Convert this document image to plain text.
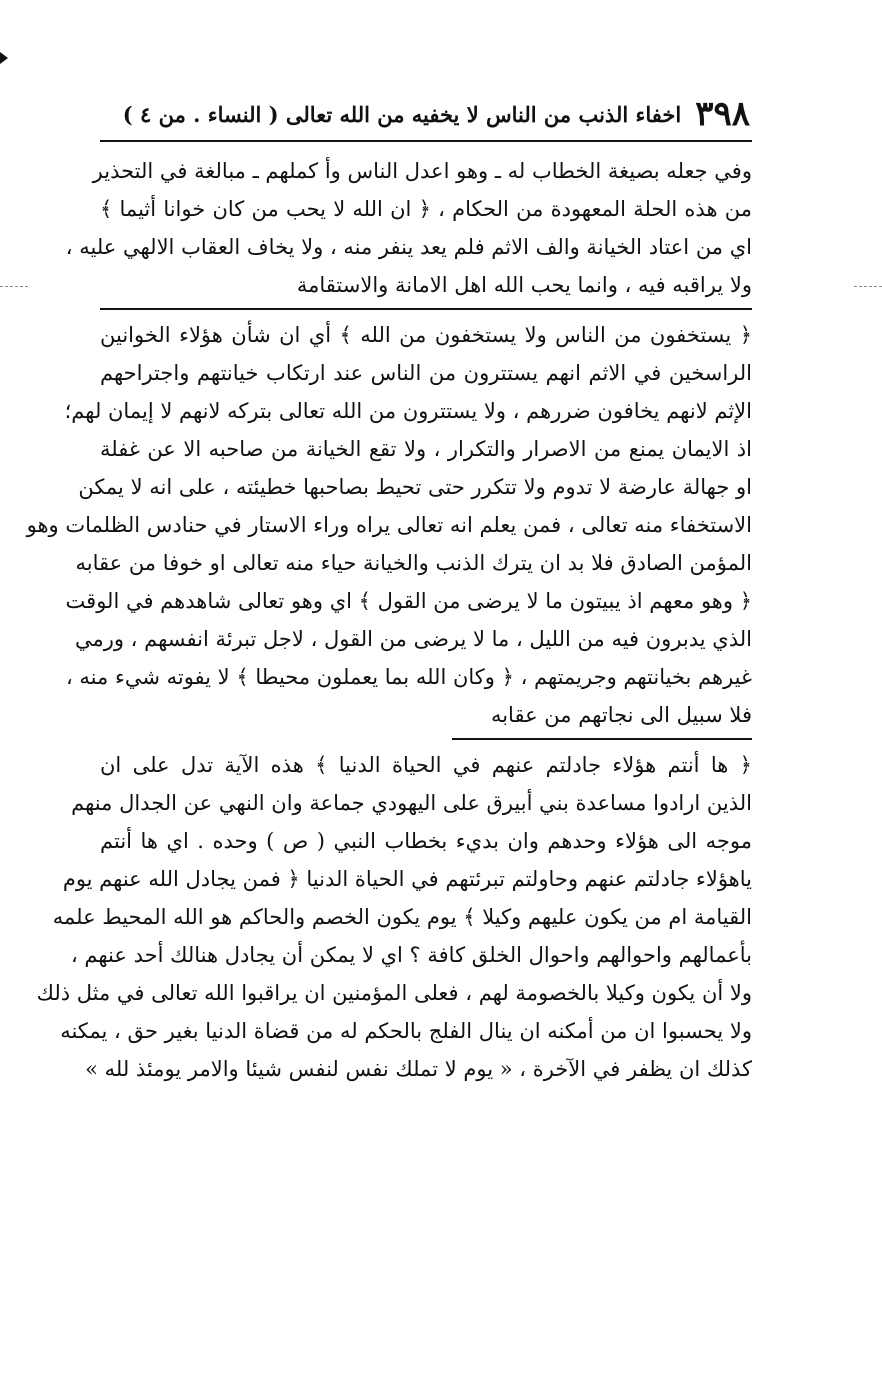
٣٩٨
اخفاء الذنب من الناس لا يخفيه من الله تعالى ( النساء . من ٤ )
وفي جعله بصيغة الخطاب له ـ وهو اعدل الناس وأ كملهم ـ مبالغة في التحذير
من هذه الحلة المعهودة من الحكام ، ﴿ ان الله لا يحب من كان خوانا أثيما ﴾
اي من اعتاد الخيانة والف الاثم فلم يعد ينفر منه ، ولا يخاف العقاب الالهي عليه ،
ولا يراقبه فيه ، وانما يحب الله اهل الامانة والاستقامة
﴿ يستخفون من الناس ولا يستخفون من الله ﴾ أي ان شأن هؤلاء الخوانين
الراسخين في الاثم انهم يستترون من الناس عند ارتكاب خيانتهم واجتراحهم
الإثم لانهم يخافون ضررهم ، ولا يستترون من الله تعالى بتركه لانهم لا إيمان لهم؛
اذ الايمان يمنع من الاصرار والتكرار ، ولا تقع الخيانة من صاحبه الا عن غفلة
او جهالة عارضة لا تدوم ولا تتكرر حتى تحيط بصاحبها خطيئته ، على انه لا يمكن
الاستخفاء منه تعالى ، فمن يعلم انه تعالى يراه وراء الاستار في حنادس الظلمات وهو
المؤمن الصادق فلا بد ان يترك الذنب والخيانة حياء منه تعالى او خوفا من عقابه
﴿ وهو معهم اذ يبيتون ما لا يرضى من القول ﴾ اي وهو تعالى شاهدهم في الوقت
الذي يدبرون فيه من الليل ، ما لا يرضى من القول ، لاجل تبرئة انفسهم ، ورمي
غيرهم بخيانتهم وجريمتهم ، ﴿ وكان الله بما يعملون محيطا ﴾ لا يفوته شيء منه ،
فلا سبيل الى نجاتهم من عقابه
﴿ ها أنتم هؤلاء جادلتم عنهم في الحياة الدنيا ﴾ هذه الآية تدل على ان
الذين ارادوا مساعدة بني أبيرق على اليهودي جماعة وان النهي عن الجدال منهم
موجه الى هؤلاء وحدهم وان بديء بخطاب النبي ( ص ) وحده . اي ها أنتم
ياهؤلاء جادلتم عنهم وحاولتم تبرئتهم في الحياة الدنيا ﴿ فمن يجادل الله عنهم يوم
القيامة ام من يكون عليهم وكيلا ﴾ يوم يكون الخصم والحاكم هو الله المحيط علمه
بأعمالهم واحوالهم واحوال الخلق كافة ؟ اي لا يمكن أن يجادل هنالك أحد عنهم ،
ولا أن يكون وكيلا بالخصومة لهم ، فعلى المؤمنين ان يراقبوا الله تعالى في مثل ذلك
ولا يحسبوا ان من أمكنه ان ينال الفلج بالحكم له من قضاة الدنيا بغير حق ، يمكنه
كذلك ان يظفر في الآخرة ، « يوم لا تملك نفس لنفس شيئا والامر يومئذ لله »
